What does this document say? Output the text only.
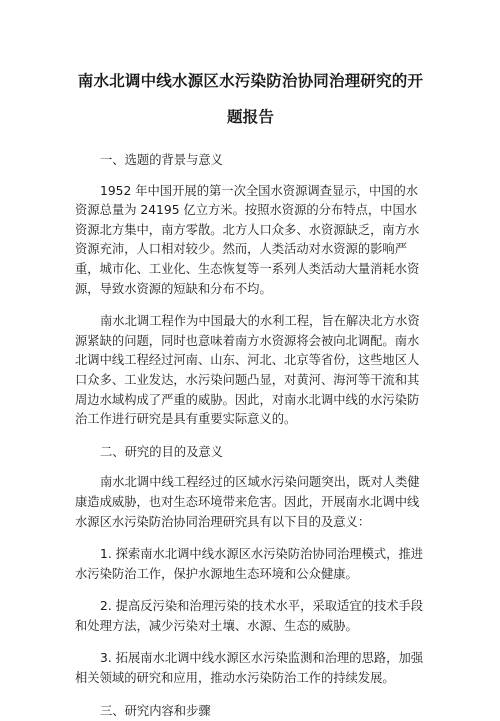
南水北调中线水源区水污染防治协同治理研究的开
题报告

一、选题的背景与意义

1952 年中国开展的第一次全国水资源调查显示，中国的水资源总量为 24195 亿立方米。按照水资源的分布特点，中国水资源北方集中，南方零散。北方人口众多、水资源缺乏，南方水资源充沛，人口相对较少。然而，人类活动对水资源的影响严重，城市化、工业化、生态恢复等一系列人类活动大量消耗水资源，导致水资源的短缺和分布不均。

南水北调工程作为中国最大的水利工程，旨在解决北方水资源紧缺的问题，同时也意味着南方水资源将会被向北调配。南水北调中线工程经过河南、山东、河北、北京等省份，这些地区人口众多、工业发达，水污染问题凸显，对黄河、海河等干流和其周边水域构成了严重的威胁。因此，对南水北调中线的水污染防治工作进行研究是具有重要实际意义的。

二、研究的目的及意义

南水北调中线工程经过的区域水污染问题突出，既对人类健康造成威胁，也对生态环境带来危害。因此，开展南水北调中线水源区水污染防治协同治理研究具有以下目的及意义：

1. 探索南水北调中线水源区水污染防治协同治理模式，推进水污染防治工作，保护水源地生态环境和公众健康。

2. 提高反污染和治理污染的技术水平，采取适宜的技术手段和处理方法，减少污染对土壤、水源、生态的威胁。

3. 拓展南水北调中线水源区水污染监测和治理的思路，加强相关领域的研究和应用，推动水污染防治工作的持续发展。

三、研究内容和步骤
